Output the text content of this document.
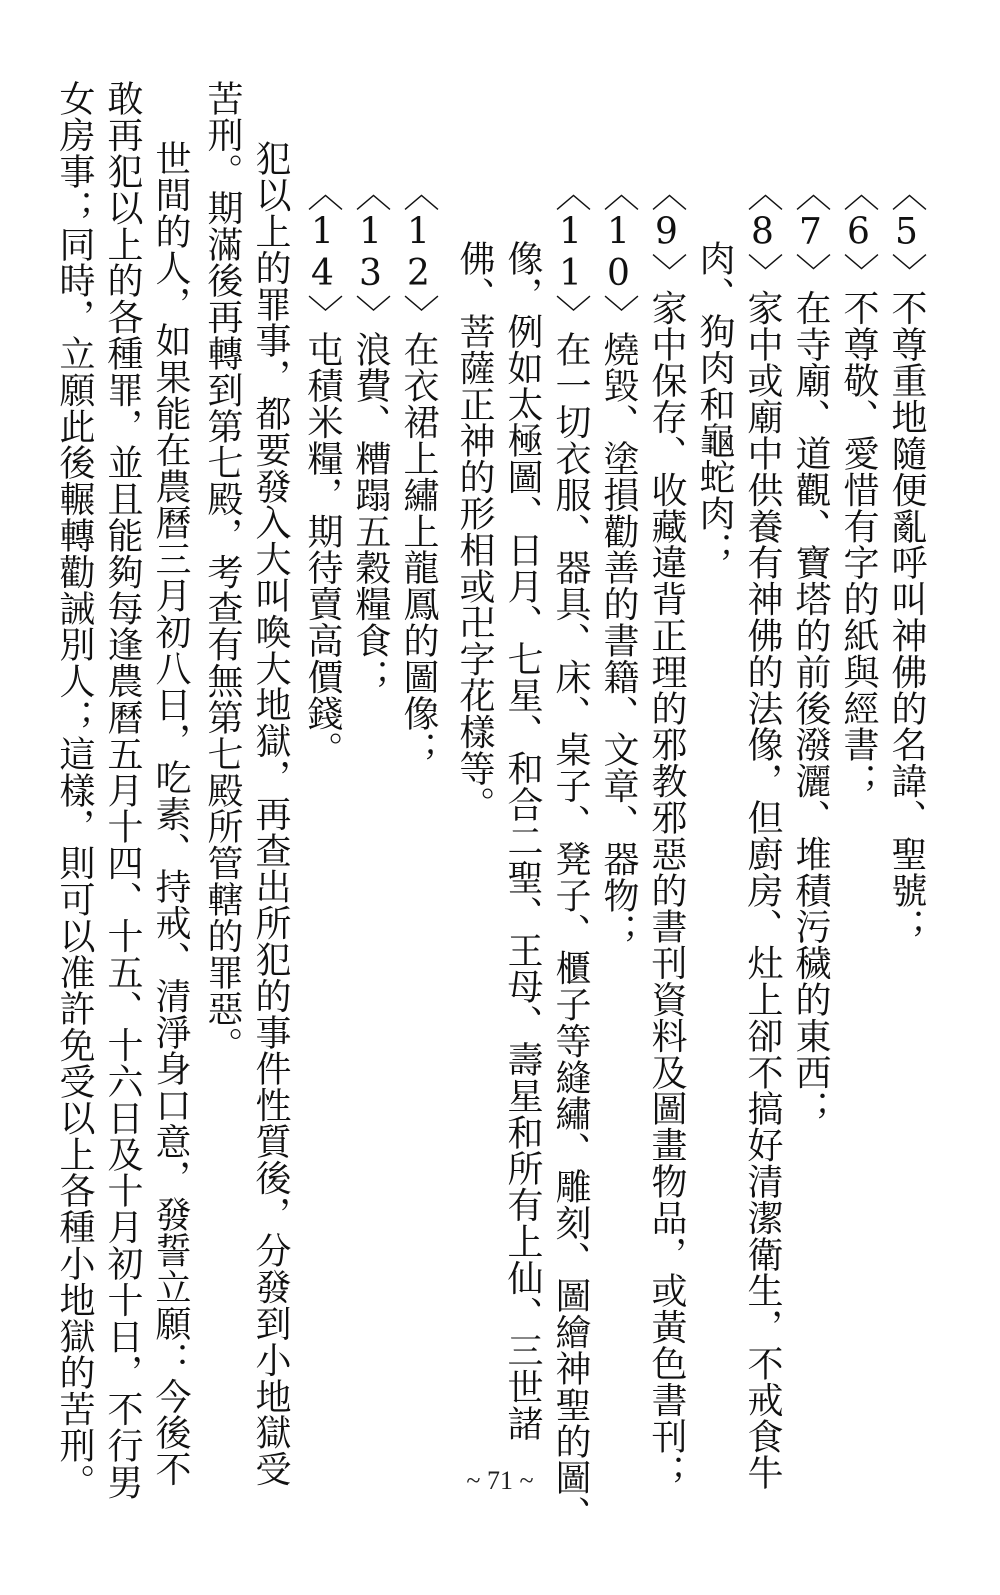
〈5〉不尊重地隨便亂呼叫神佛的名諱、聖號；
〈6〉不尊敬、愛惜有字的紙與經書；
〈7〉在寺廟、道觀、寶塔的前後潑灑、堆積污穢的東西；
〈8〉家中或廟中供養有神佛的法像，但廚房、灶上卻不搞好清潔衛生，不戒食牛
肉、狗肉和龜蛇肉；
〈9〉家中保存、收藏違背正理的邪教邪惡的書刊資料及圖畫物品，或黃色書刊；
〈10〉燒毀、塗損勸善的書籍、文章、器物；
〈11〉在一切衣服、器具、床、桌子、凳子、櫃子等縫繡、雕刻、圖繪神聖的圖、
像，例如太極圖、日月、七星、和合二聖、王母、壽星和所有上仙、三世諸
佛、菩薩正神的形相或卍字花樣等。
〈12〉在衣裙上繡上龍鳳的圖像；
〈13〉浪費、糟蹋五穀糧食；
〈14〉屯積米糧，期待賣高價錢。
犯以上的罪事，都要發入大叫喚大地獄，再查出所犯的事件性質後，分發到小地獄受
苦刑。期滿後再轉到第七殿，考查有無第七殿所管轄的罪惡。
世間的人，如果能在農曆三月初八日，吃素、持戒、清淨身口意，發誓立願：今後不
敢再犯以上的各種罪，並且能夠每逢農曆五月十四、十五、十六日及十月初十日，不行男
女房事；同時，立願此後輾轉勸誡別人；這樣，則可以准許免受以上各種小地獄的苦刑。	~ 71 ~
